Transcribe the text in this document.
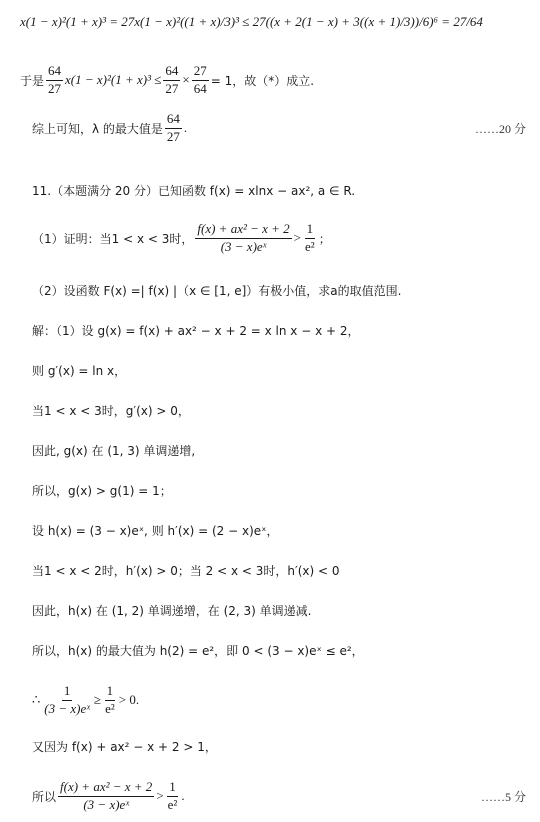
x(1 − x)²(1 + x)³ = 27x(1 − x)²((1 + x)/3)³ ≤ 27((x + 2(1 − x) + 3((x + 1)/3))/6)⁶ = 27/64
于是 $\frac{64}{27} x(1 - x)^2(1 + x)^3 \le \frac{64}{27} \times \frac{27}{64} = 1$，故（*）成立.
综上可知，λ 的最大值是 $\frac{64}{27}$ .	……20 分
11.（本题满分 20 分）已知函数 f(x) = xlnx − ax², a ∈ R.
（1）证明：当1 < x < 3时， $\frac{\text{f(x) + ax² − x + 2}}{\text{(3 − x)eˣ}} > \frac{1}{\text{e²}}$ ；
（2）设函数 F(x) =| f(x) |（x ∈ [1, e]）有极小值，求a的取值范围.
解：（1）设 g(x) = f(x) + ax² − x + 2 = x ln x − x + 2，
则 g′(x) = ln x，
当1 < x < 3时，g′(x) > 0，
因此, g(x) 在 (1, 3) 单调递增,
所以，g(x) > g(1) = 1；
设 h(x) = (3 − x)eˣ, 则 h′(x) = (2 − x)eˣ，
当1 < x < 2时，h′(x) > 0；当 2 < x < 3时，h′(x) < 0
因此，h(x) 在 (1, 2) 单调递增，在 (2, 3) 单调递减.
所以，h(x) 的最大值为 h(2) = e²，即 0 < (3 − x)eˣ ≤ e²，
∴ $\frac{1}{\text{(3 − x)eˣ}} \ge \frac{1}{\text{e²}} > 0$.
又因为 f(x) + ax² − x + 2 > 1，
所以 $\frac{\text{f(x) + ax² − x + 2}}{\text{(3 − x)eˣ}} > \frac{1}{\text{e²}}$ .	……5 分
